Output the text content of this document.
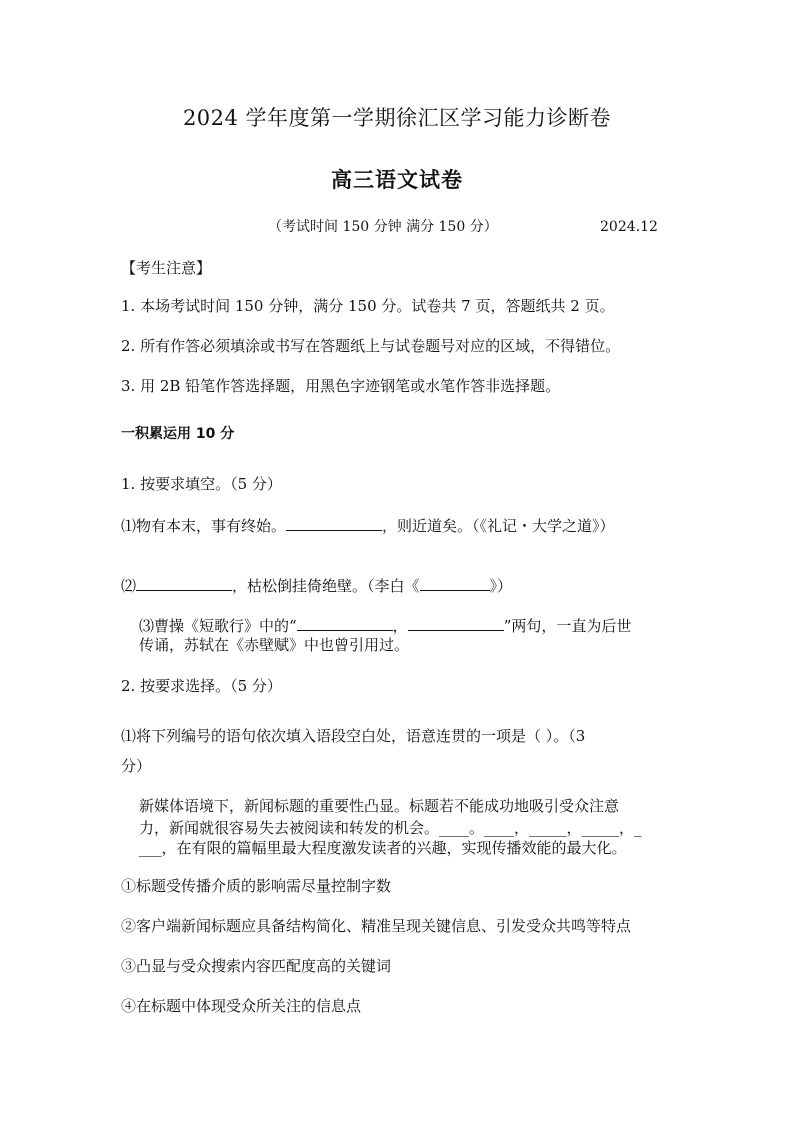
2024 学年度第一学期徐汇区学习能力诊断卷
高三语文试卷
（考试时间 150 分钟 满分 150 分）	2024.12
【考生注意】
1. 本场考试时间 150 分钟，满分 150 分。试卷共 7 页，答题纸共 2 页。
2. 所有作答必须填涂或书写在答题纸上与试卷题号对应的区域，不得错位。
3. 用 2B 铅笔作答选择题，用黑色字迹钢笔或水笔作答非选择题。
一积累运用 10 分
1. 按要求填空。（5 分）
⑴物有本末，事有终始。	，则近道矣。（《礼记・大学之道》）
⑵	，枯松倒挂倚绝壁。（李白《	》）
⑶曹操《短歌行》中的“	，	”两句，一直为后世
传诵，苏轼在《赤壁赋》中也曾引用过。
2. 按要求选择。（5 分）
⑴将下列编号的语句依次填入语段空白处，语意连贯的一项是（ ）。（3
分）
新媒体语境下，新闻标题的重要性凸显。标题若不能成功地吸引受众注意
力，新闻就很容易失去被阅读和转发的机会。____。____，_____，_____，_
___，在有限的篇幅里最大程度激发读者的兴趣，实现传播效能的最大化。
①标题受传播介质的影响需尽量控制字数
②客户端新闻标题应具备结构简化、精准呈现关键信息、引发受众共鸣等特点
③凸显与受众搜索内容匹配度高的关键词
④在标题中体现受众所关注的信息点
